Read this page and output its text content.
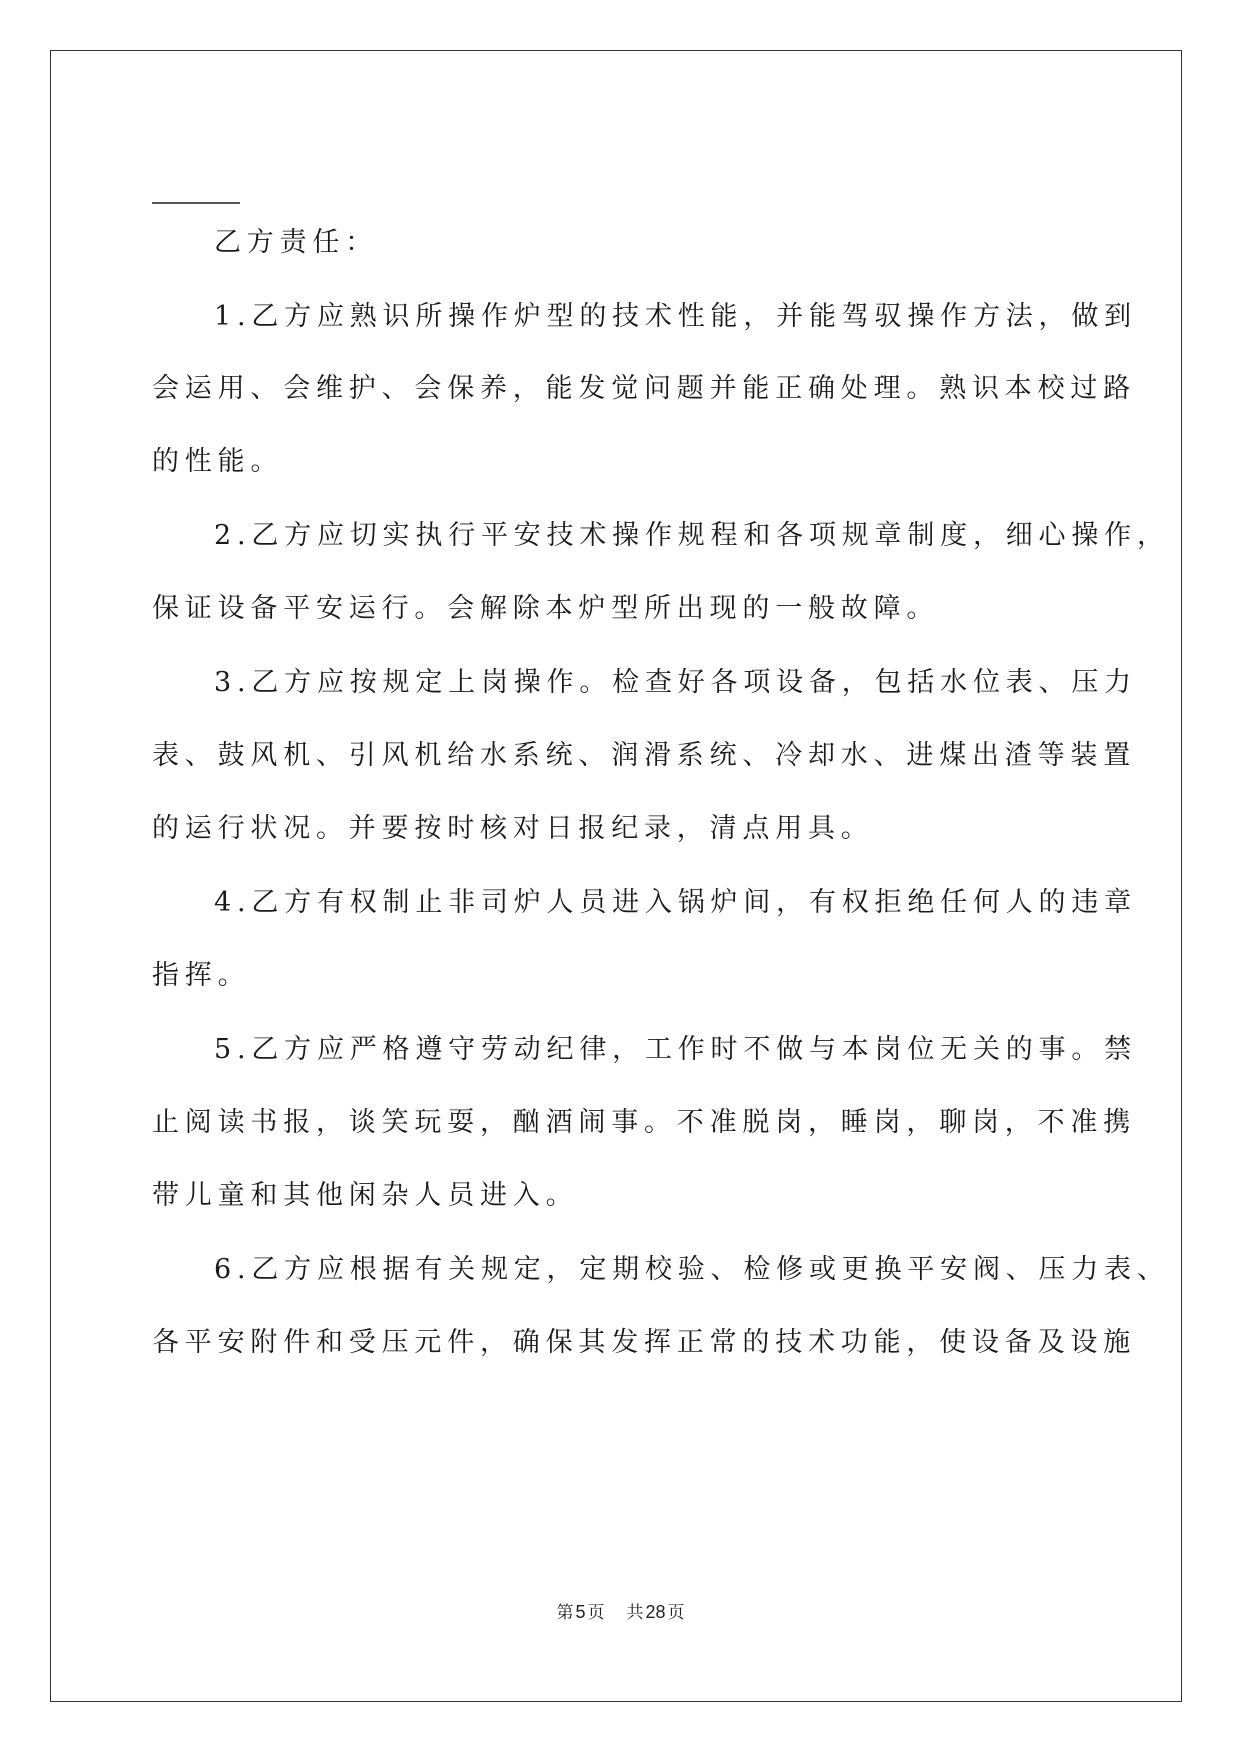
乙方责任：
1.乙方应熟识所操作炉型的技术性能，并能驾驭操作方法，做到
会运用、会维护、会保养，能发觉问题并能正确处理。熟识本校过路
的性能。
2.乙方应切实执行平安技术操作规程和各项规章制度，细心操作，
保证设备平安运行。会解除本炉型所出现的一般故障。
3.乙方应按规定上岗操作。检查好各项设备，包括水位表、压力
表、鼓风机、引风机给水系统、润滑系统、冷却水、进煤出渣等装置
的运行状况。并要按时核对日报纪录，清点用具。
4.乙方有权制止非司炉人员进入锅炉间，有权拒绝任何人的违章
指挥。
5.乙方应严格遵守劳动纪律，工作时不做与本岗位无关的事。禁
止阅读书报，谈笑玩耍，酗酒闹事。不准脱岗，睡岗，聊岗，不准携
带儿童和其他闲杂人员进入。
6.乙方应根据有关规定，定期校验、检修或更换平安阀、压力表、
各平安附件和受压元件，确保其发挥正常的技术功能，使设备及设施
第 5 页 共 28 页
